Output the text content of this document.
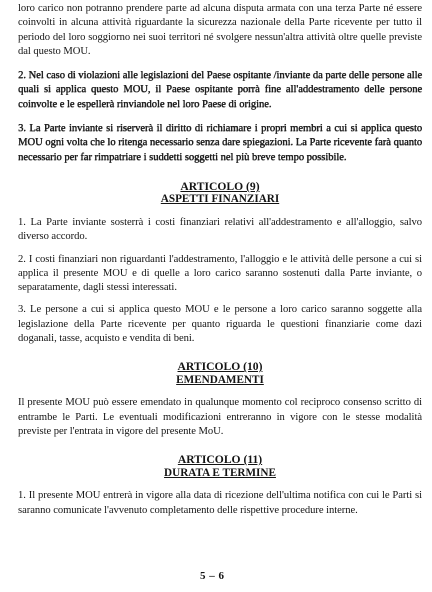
loro carico non potranno prendere parte ad alcuna disputa armata con una terza Parte né essere coinvolti in alcuna attività riguardante la sicurezza nazionale della Parte ricevente per tutto il periodo del loro soggiorno nei suoi territori né svolgere nessun'altra attività oltre quelle previste dal questo MOU.

2. Nel caso di violazioni alle legislazioni del Paese ospitante /inviante da parte delle persone alle quali si applica questo MOU, il Paese ospitante porrà fine all'addestramento delle persone coinvolte e le espellerà rinviandole nel loro Paese di origine.

3. La Parte inviante si riserverà il diritto di richiamare i propri membri a cui si applica questo MOU ogni volta che lo ritenga necessario senza dare spiegazioni. La Parte ricevente farà quanto necessario per far rimpatriare i suddetti soggetti nel più breve tempo possibile.

ARTICOLO (9)
ASPETTI FINANZIARI

1. La Parte inviante sosterrà i costi finanziari relativi all'addestramento e all'alloggio, salvo diverso accordo.

2. I costi finanziari non riguardanti l'addestramento, l'alloggio e le attività delle persone a cui si applica il presente MOU e di quelle a loro carico saranno sostenuti dalla Parte inviante, o separatamente, dagli stessi interessati.

3. Le persone a cui si applica questo MOU e le persone a loro carico saranno soggette alla legislazione della Parte ricevente per quanto riguarda le questioni finanziarie come dazi doganali, tasse, acquisto e vendita di beni.

ARTICOLO (10)
EMENDAMENTI

Il presente MOU può essere emendato in qualunque momento col reciproco consenso scritto di entrambe le Parti. Le eventuali modificazioni entreranno in vigore con le stesse modalità previste per l'entrata in vigore del presente MoU.

ARTICOLO (11)
DURATA E TERMINE

1. Il presente MOU entrerà in vigore alla data di ricezione dell'ultima notifica con cui le Parti si saranno comunicate l'avvenuto completamento delle rispettive procedure interne.

5 – 6
